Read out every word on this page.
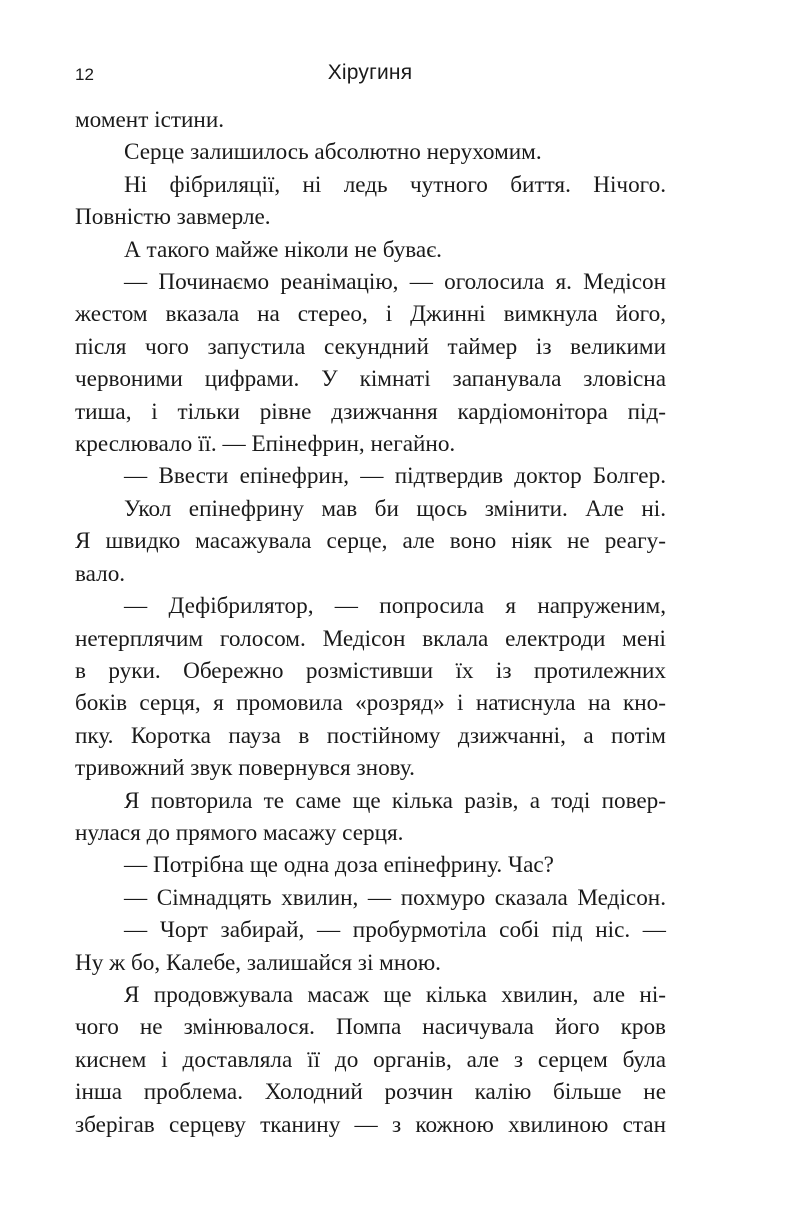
12	Хіругиня
момент істини.
Серце залишилось абсолютно нерухомим.
Ні фібриляції, ні ледь чутного биття. Нічого.
Повністю завмерле.
А такого майже ніколи не буває.
— Починаємо реанімацію, — оголосила я. Медісон
жестом вказала на стерео, і Джинні вимкнула його,
після чого запустила секундний таймер із великими
червоними цифрами. У кімнаті запанувала зловісна
тиша, і тільки рівне дзижчання кардіомонітора під-
креслювало її. — Епінефрин, негайно.
— Ввести епінефрин, — підтвердив доктор Болгер.
Укол епінефрину мав би щось змінити. Але ні.
Я швидко масажувала серце, але воно ніяк не реагу-
вало.
— Дефібрилятор, — попросила я напруженим,
нетерплячим голосом. Медісон вклала електроди мені
в руки. Обережно розмістивши їх із протилежних
боків серця, я промовила «розряд» і натиснула на кно-
пку. Коротка пауза в постійному дзижчанні, а потім
тривожний звук повернувся знову.
Я повторила те саме ще кілька разів, а тоді повер-
нулася до прямого масажу серця.
— Потрібна ще одна доза епінефрину. Час?
— Сімнадцять хвилин, — похмуро сказала Медісон.
— Чорт забирай, — пробурмотіла собі під ніс. —
Ну ж бо, Калебе, залишайся зі мною.
Я продовжувала масаж ще кілька хвилин, але ні-
чого не змінювалося. Помпа насичувала його кров
киснем і доставляла її до органів, але з серцем була
інша проблема. Холодний розчин калію більше не
зберігав серцеву тканину — з кожною хвилиною стан
